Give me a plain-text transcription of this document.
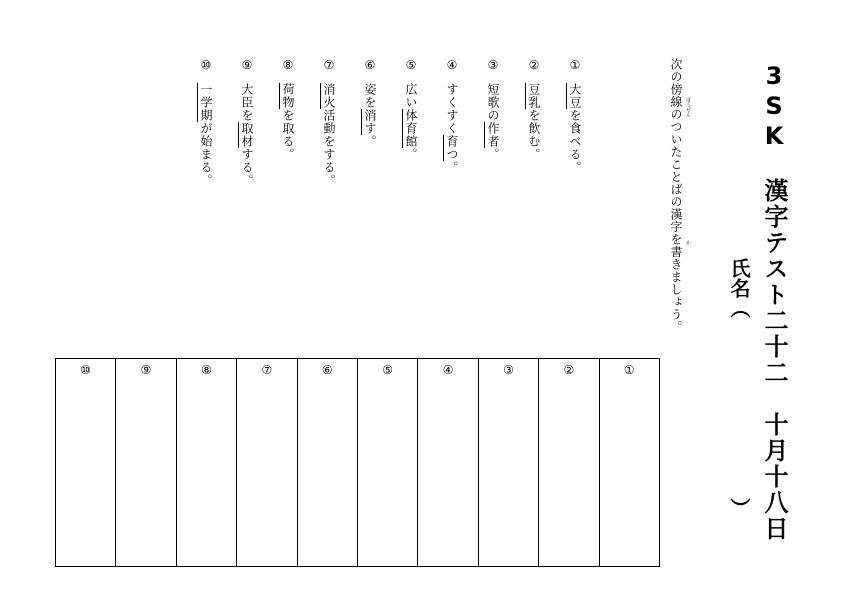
3SK　漢字テスト二十二　十月十八日
氏名（
）
次の傍線のついたことばの漢字を書きましょう。 ぼうせん
か
①大豆を食べる。
②豆乳を飲む。
③短歌の作者。
④すくすく育つ。
⑤広い体育館。
⑥姿を消す。
⑦消火活動をする。
⑧荷物を取る。
⑨大臣を取材する。
⑩一学期が始まる。
①
②
③
④
⑤
⑥
⑦
⑧
⑨
⑩
